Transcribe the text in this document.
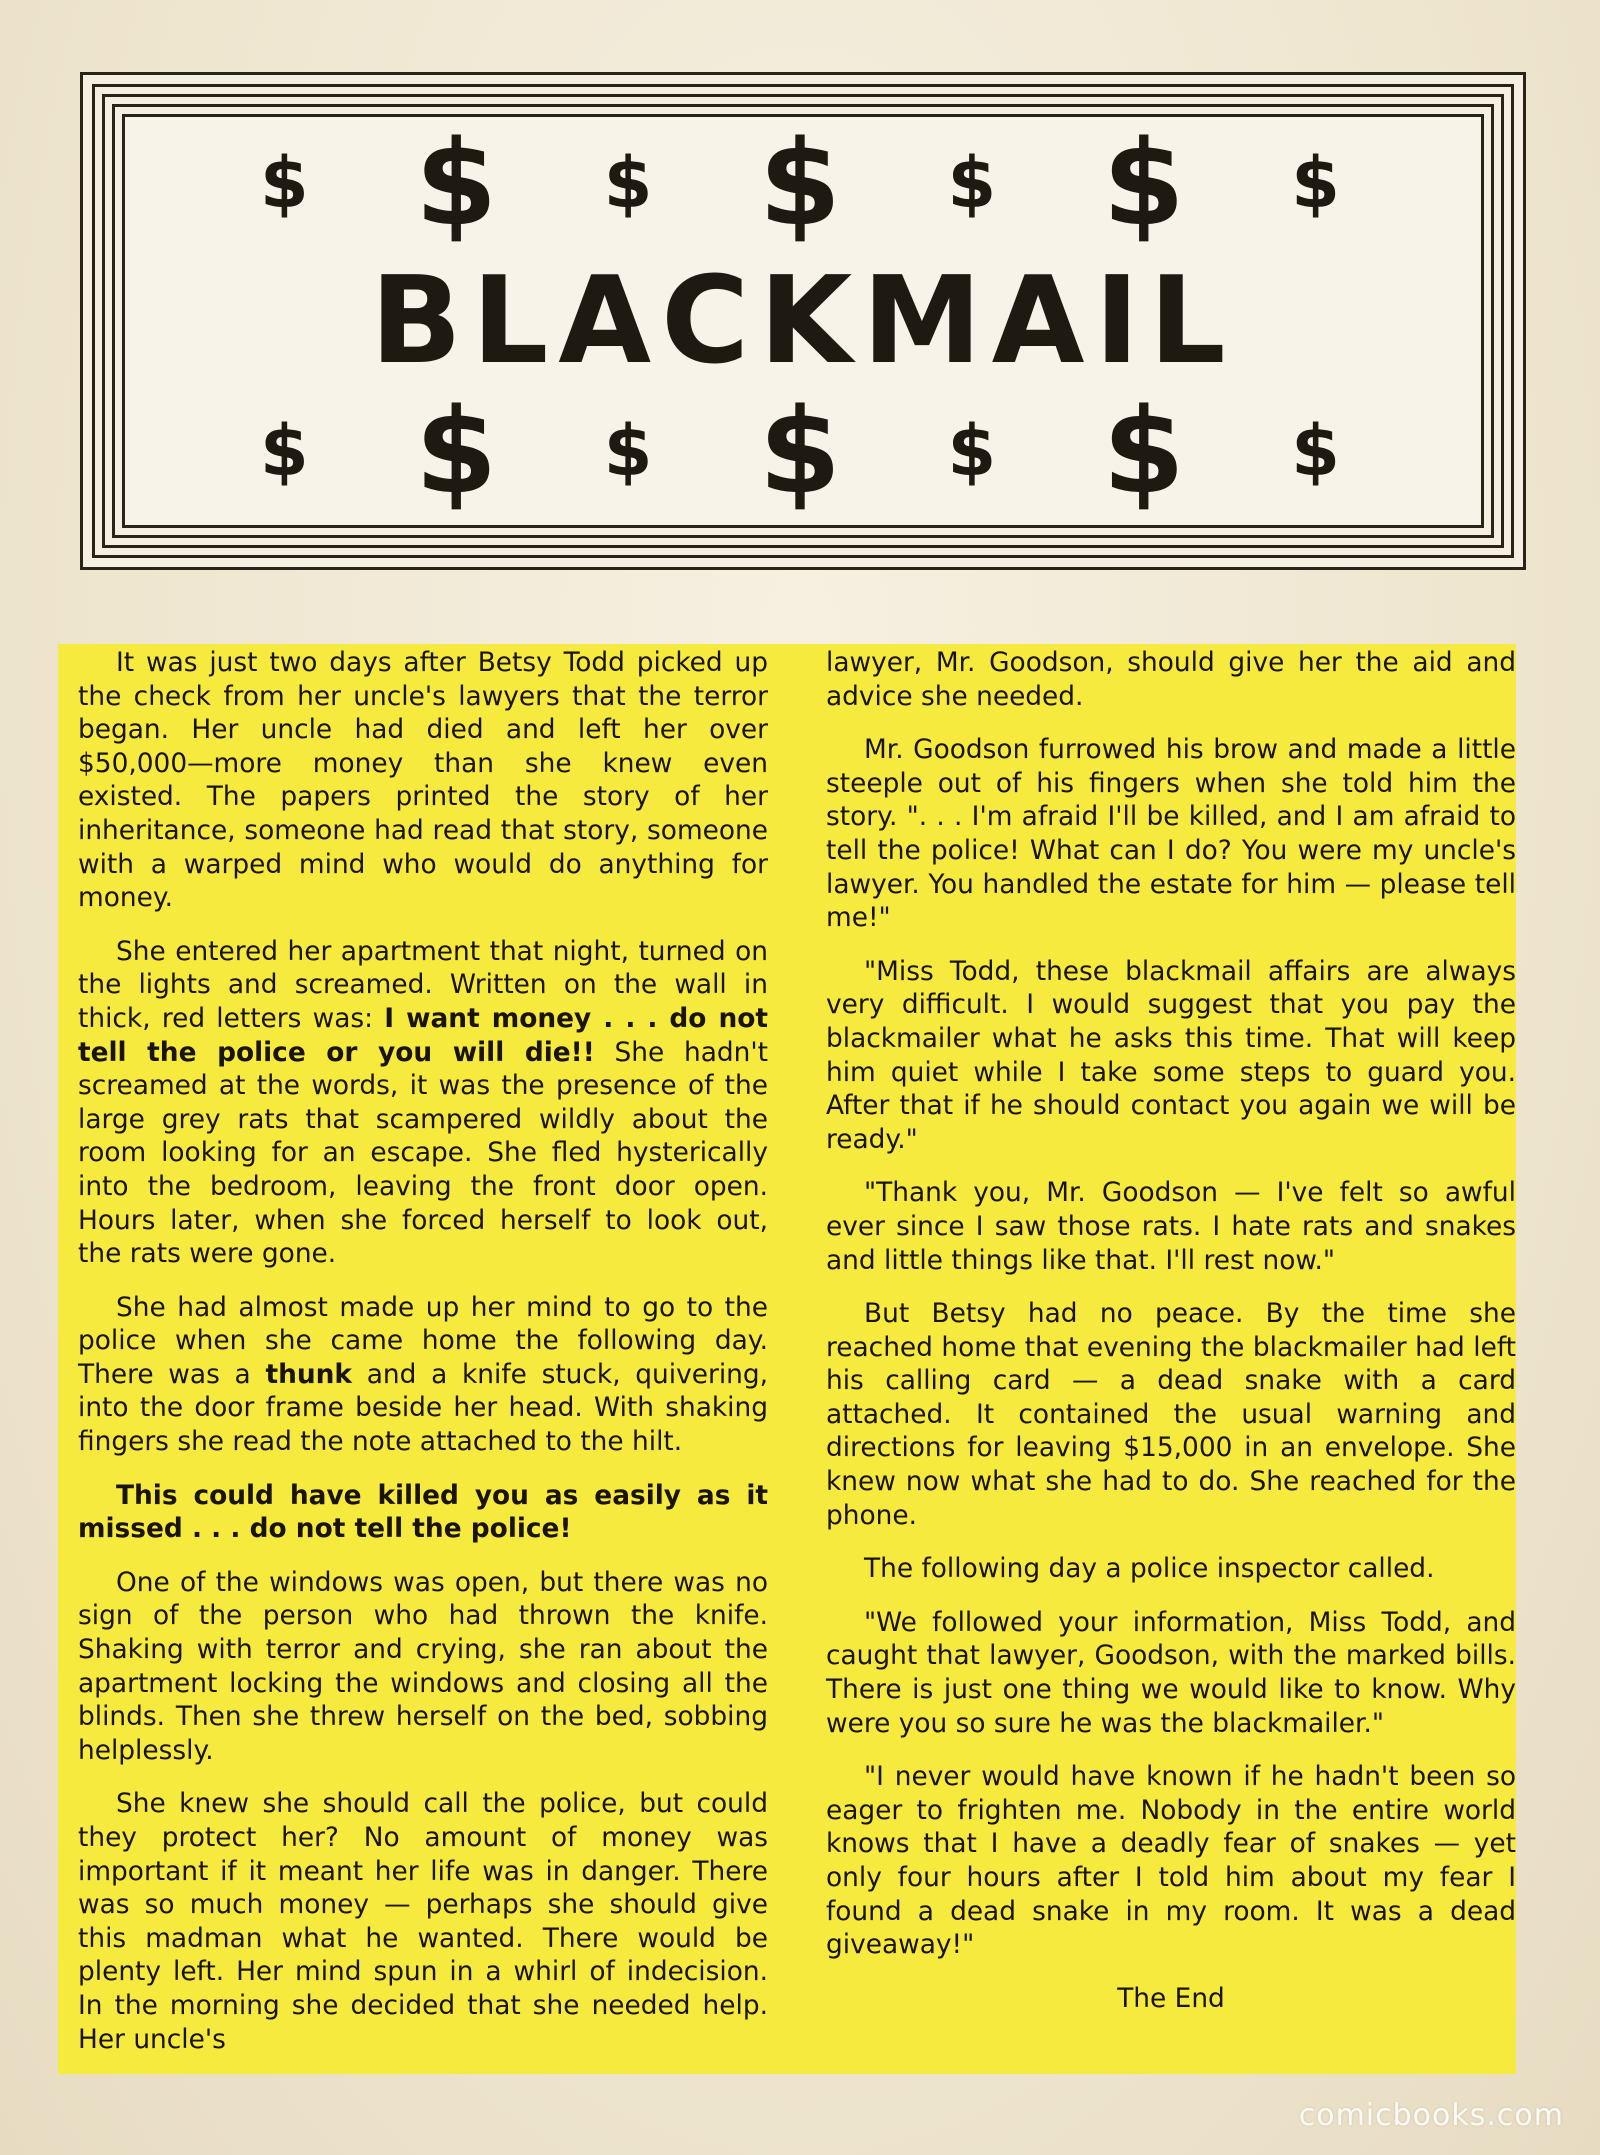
$ $ $ $ $ $ $
BLACKMAIL
$ $ $ $ $ $ $

It was just two days after Betsy Todd picked up the check from her uncle's lawyers that the terror began. Her uncle had died and left her over $50,000—more money than she knew even existed. The papers printed the story of her inheritance, someone had read that story, someone with a warped mind who would do anything for money.

She entered her apartment that night, turned on the lights and screamed. Written on the wall in thick, red letters was: I want money . . . do not tell the police or you will die!! She hadn't screamed at the words, it was the presence of the large grey rats that scampered wildly about the room looking for an escape. She fled hysterically into the bedroom, leaving the front door open. Hours later, when she forced herself to look out, the rats were gone.

She had almost made up her mind to go to the police when she came home the following day. There was a thunk and a knife stuck, quivering, into the door frame beside her head. With shaking fingers she read the note attached to the hilt.

This could have killed you as easily as it missed . . . do not tell the police!

One of the windows was open, but there was no sign of the person who had thrown the knife. Shaking with terror and crying, she ran about the apartment locking the windows and closing all the blinds. Then she threw herself on the bed, sobbing helplessly.

She knew she should call the police, but could they protect her? No amount of money was important if it meant her life was in danger. There was so much money — perhaps she should give this madman what he wanted. There would be plenty left. Her mind spun in a whirl of indecision. In the morning she decided that she needed help. Her uncle's

lawyer, Mr. Goodson, should give her the aid and advice she needed.

Mr. Goodson furrowed his brow and made a little steeple out of his fingers when she told him the story. ". . . I'm afraid I'll be killed, and I am afraid to tell the police! What can I do? You were my uncle's lawyer. You handled the estate for him — please tell me!"

"Miss Todd, these blackmail affairs are always very difficult. I would suggest that you pay the blackmailer what he asks this time. That will keep him quiet while I take some steps to guard you. After that if he should contact you again we will be ready."

"Thank you, Mr. Goodson — I've felt so awful ever since I saw those rats. I hate rats and snakes and little things like that. I'll rest now."

But Betsy had no peace. By the time she reached home that evening the blackmailer had left his calling card — a dead snake with a card attached. It contained the usual warning and directions for leaving $15,000 in an envelope. She knew now what she had to do. She reached for the phone.

The following day a police inspector called.

"We followed your information, Miss Todd, and caught that lawyer, Goodson, with the marked bills. There is just one thing we would like to know. Why were you so sure he was the blackmailer."

"I never would have known if he hadn't been so eager to frighten me. Nobody in the entire world knows that I have a deadly fear of snakes — yet only four hours after I told him about my fear I found a dead snake in my room. It was a dead giveaway!"

The End

comicbooks.com
